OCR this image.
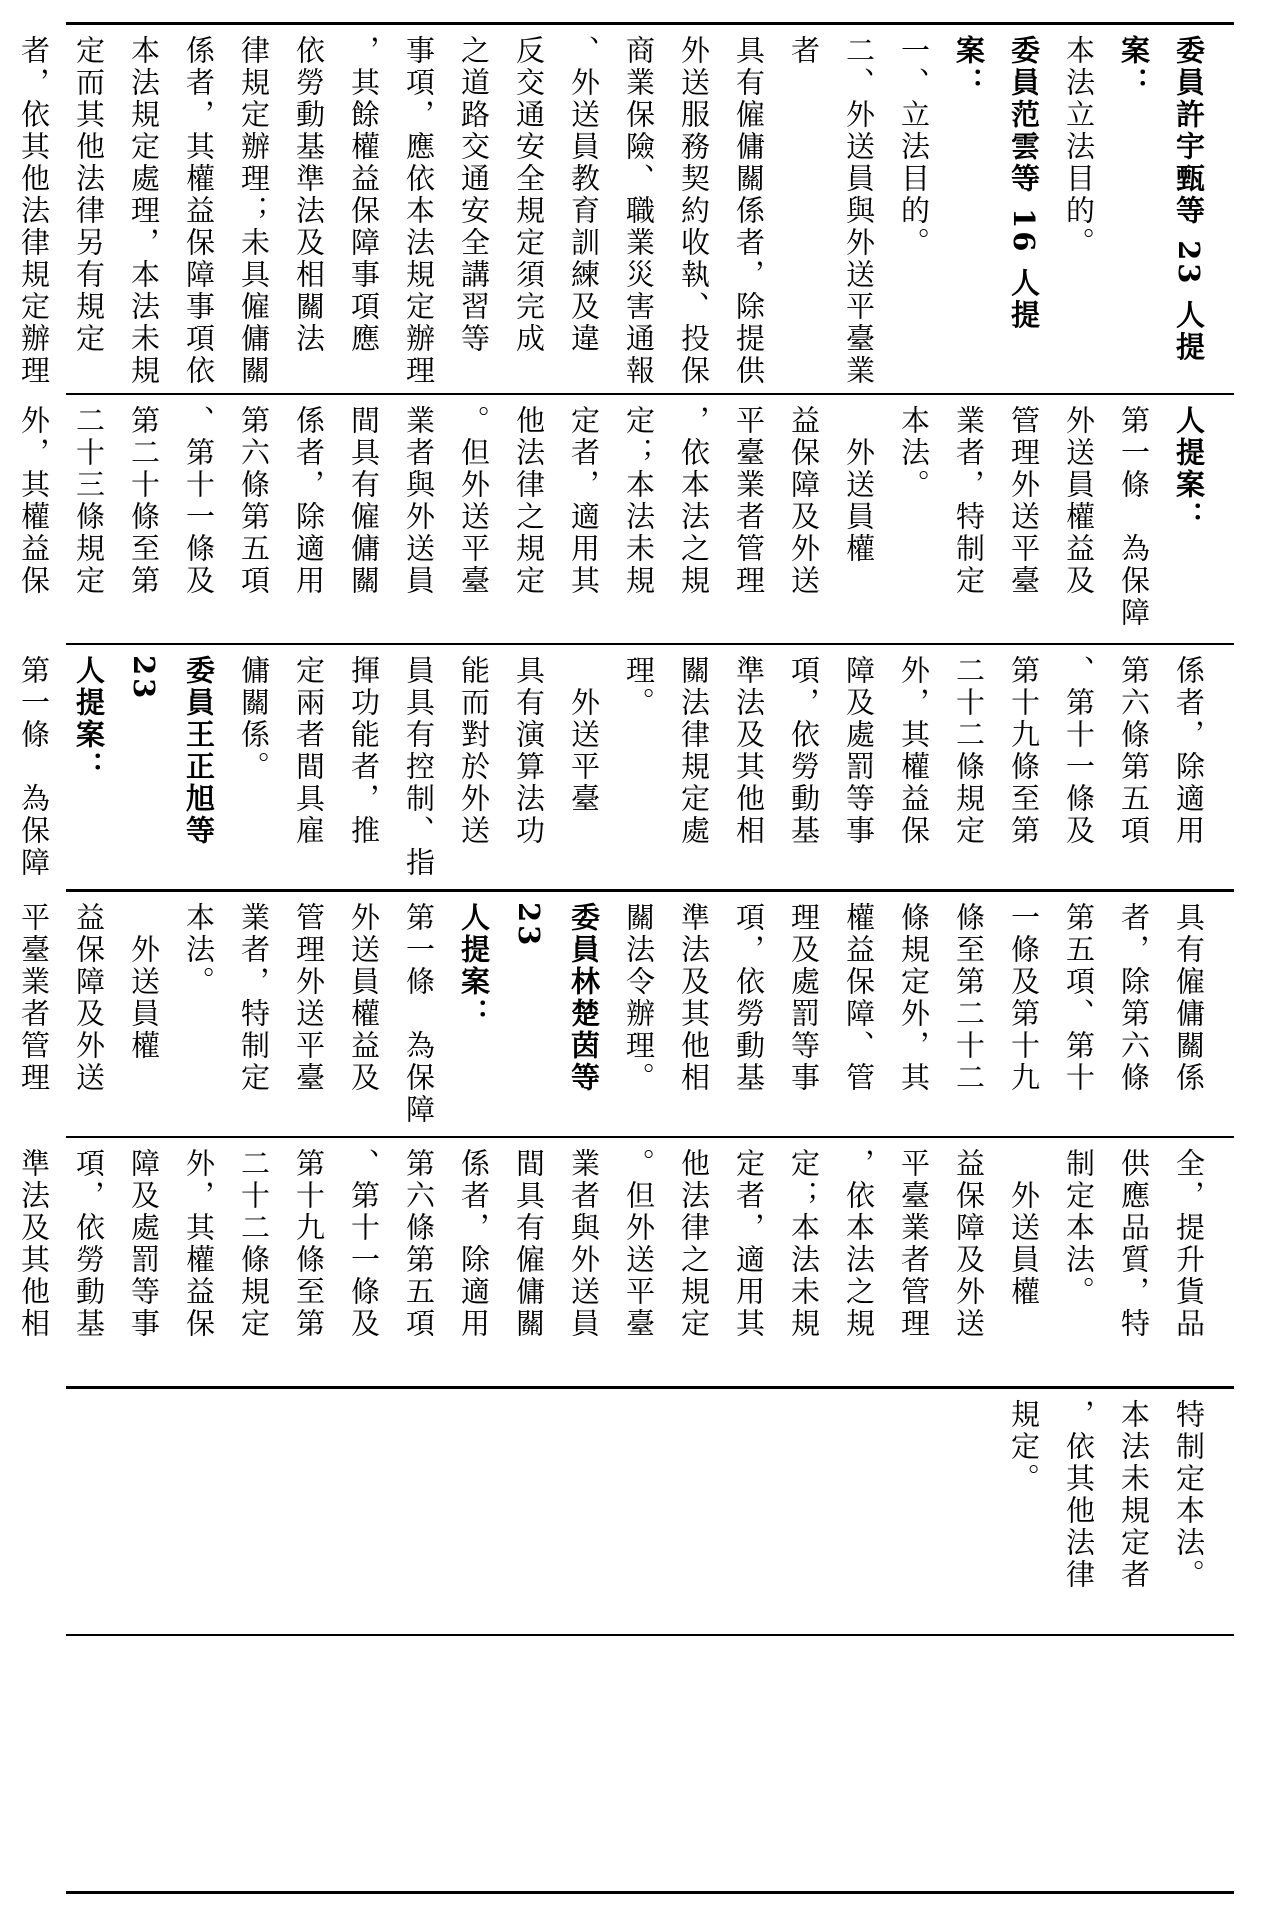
委員許宇甄等 23 人提案：

本法立法目的。

委員范雲等 16 人提案：

一、立法目的。

二、外送員與外送平臺業者

具有僱傭關係者，除提供

外送服務契約收執、投保

商業保險、職業災害通報

、外送員教育訓練及違

反交通安全規定須完成

之道路交通安全講習等

事項，應依本法規定辦理

，其餘權益保障事項應

依勞動基準法及相關法

律規定辦理；未具僱傭關

係者，其權益保障事項依

本法規定處理，本法未規

定而其他法律另有規定

者，依其他法律規定辦理

人提案：

第一條　為保障

外送員權益及

管理外送平臺

業者，特制定

本法。

　外送員權

益保障及外送

平臺業者管理

，依本法之規

定；本法未規

定者，適用其

他法律之規定

。但外送平臺

業者與外送員

間具有僱傭關

係者，除適用

第六條第五項

、第十一條及

第二十條至第

二十三條規定

外，其權益保

係者，除適用

第六條第五項

、第十一條及

第十九條至第

二十二條規定

外，其權益保

障及處罰等事

項，依勞動基

準法及其他相

關法律規定處

理。

　外送平臺

具有演算法功

能而對於外送

員具有控制、指

揮功能者，推

定兩者間具雇

傭關係。

委員王正旭等 23

人提案：

第一條　為保障

具有僱傭關係

者，除第六條

第五項、第十

一條及第十九

條至第二十二

條規定外，其

權益保障、管

理及處罰等事

項，依勞動基

準法及其他相

關法令辦理。

委員林楚茵等 23

人提案：

第一條　為保障

外送員權益及

管理外送平臺

業者，特制定

本法。

　外送員權

益保障及外送

平臺業者管理

全，提升貨品

供應品質，特

制定本法。

　外送員權

益保障及外送

平臺業者管理

，依本法之規

定；本法未規

定者，適用其

他法律之規定

。但外送平臺

業者與外送員

間具有僱傭關

係者，除適用

第六條第五項

、第十一條及

第十九條至第

二十二條規定

外，其權益保

障及處罰等事

項，依勞動基

準法及其他相

特制定本法。

本法未規定者

，依其他法律

規定。
